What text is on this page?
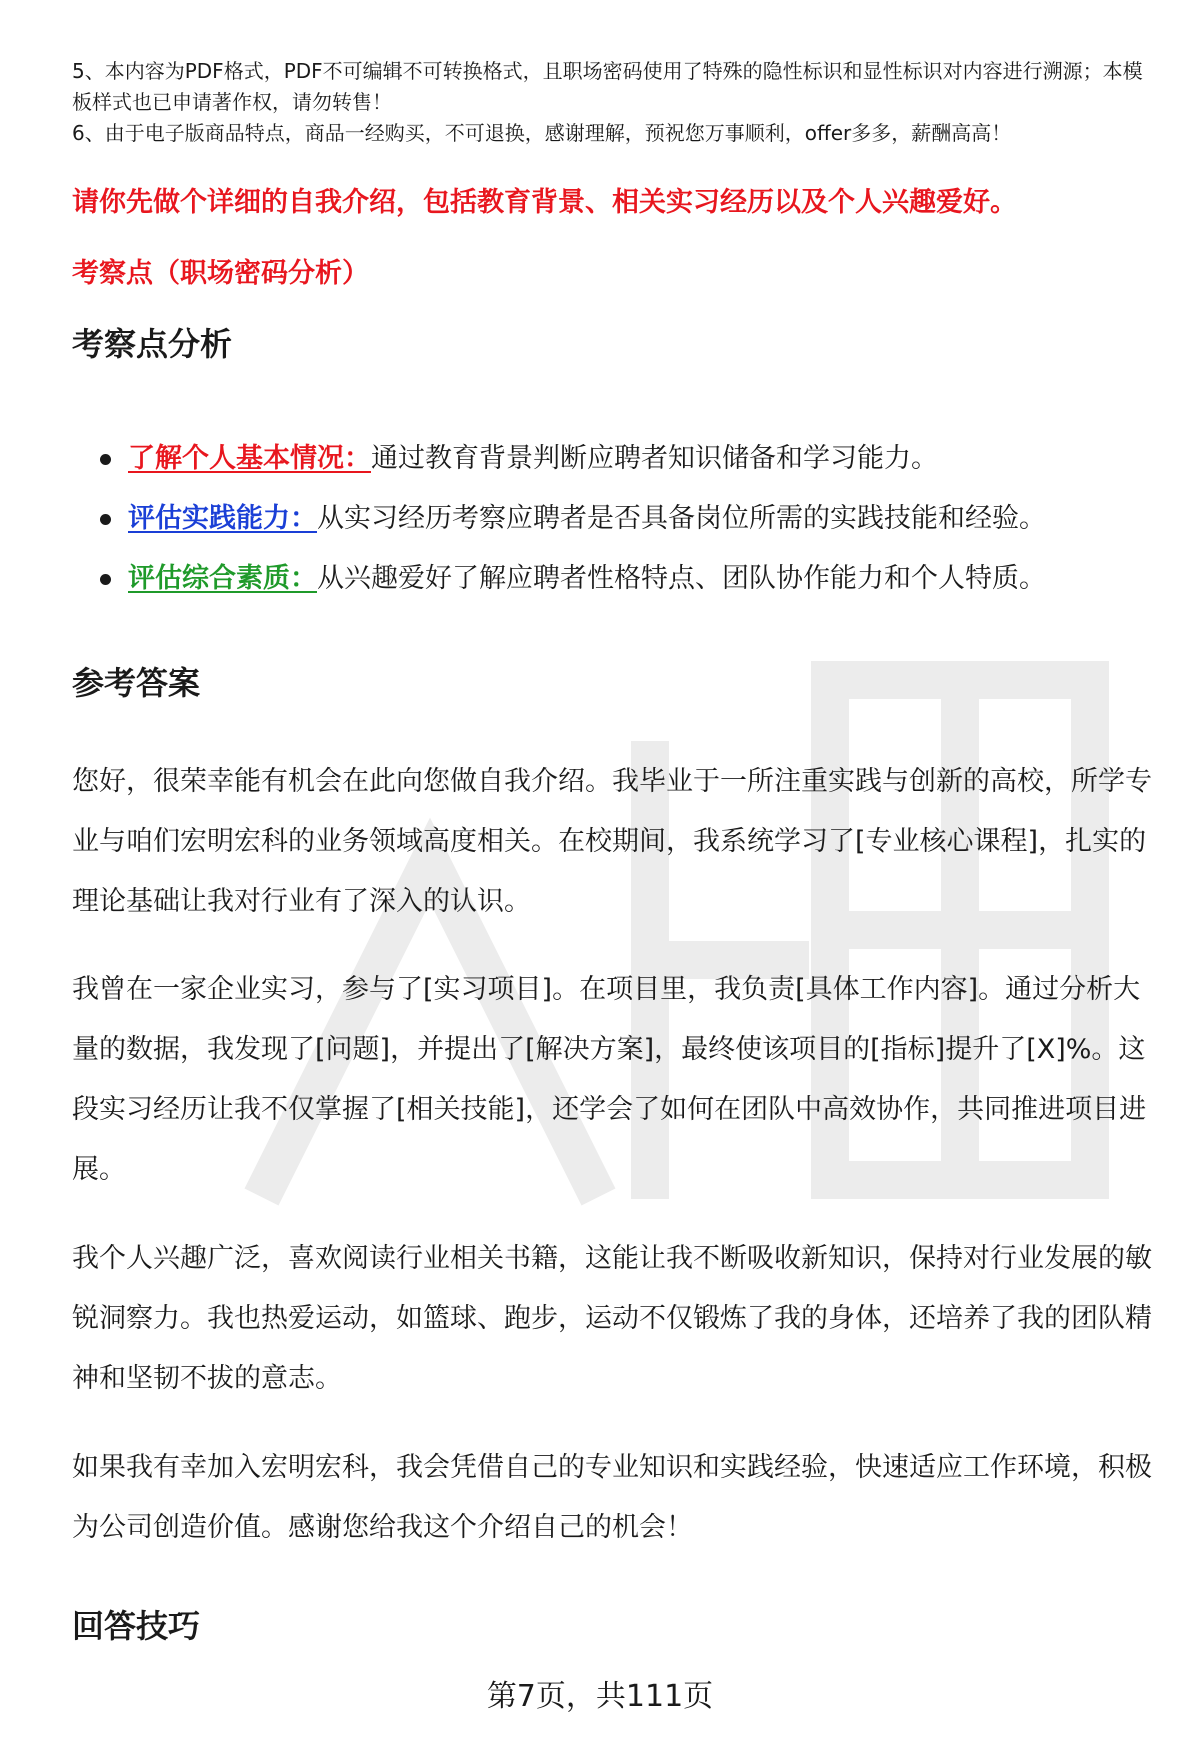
5、本内容为PDF格式，PDF不可编辑不可转换格式，且职场密码使用了特殊的隐性标识和显性标识对内容进行溯源；本模板样式也已申请著作权，请勿转售！

6、由于电子版商品特点，商品一经购买，不可退换，感谢理解，预祝您万事顺利，offer多多，薪酬高高！

请你先做个详细的自我介绍，包括教育背景、相关实习经历以及个人兴趣爱好。

考察点（职场密码分析）

考察点分析
了解个人基本情况：通过教育背景判断应聘者知识储备和学习能力。
评估实践能力：从实习经历考察应聘者是否具备岗位所需的实践技能和经验。
评估综合素质：从兴趣爱好了解应聘者性格特点、团队协作能力和个人特质。
参考答案

您好，很荣幸能有机会在此向您做自我介绍。我毕业于一所注重实践与创新的高校，所学专业与咱们宏明宏科的业务领域高度相关。在校期间，我系统学习了[专业核心课程]，扎实的理论基础让我对行业有了深入的认识。

我曾在一家企业实习，参与了[实习项目]。在项目里，我负责[具体工作内容]。通过分析大量的数据，我发现了[问题]，并提出了[解决方案]，最终使该项目的[指标]提升了[X]%。这段实习经历让我不仅掌握了[相关技能]，还学会了如何在团队中高效协作，共同推进项目进展。

我个人兴趣广泛，喜欢阅读行业相关书籍，这能让我不断吸收新知识，保持对行业发展的敏锐洞察力。我也热爱运动，如篮球、跑步，运动不仅锻炼了我的身体，还培养了我的团队精神和坚韧不拔的意志。

如果我有幸加入宏明宏科，我会凭借自己的专业知识和实践经验，快速适应工作环境，积极为公司创造价值。感谢您给我这个介绍自己的机会！

回答技巧

第7页，共111页
